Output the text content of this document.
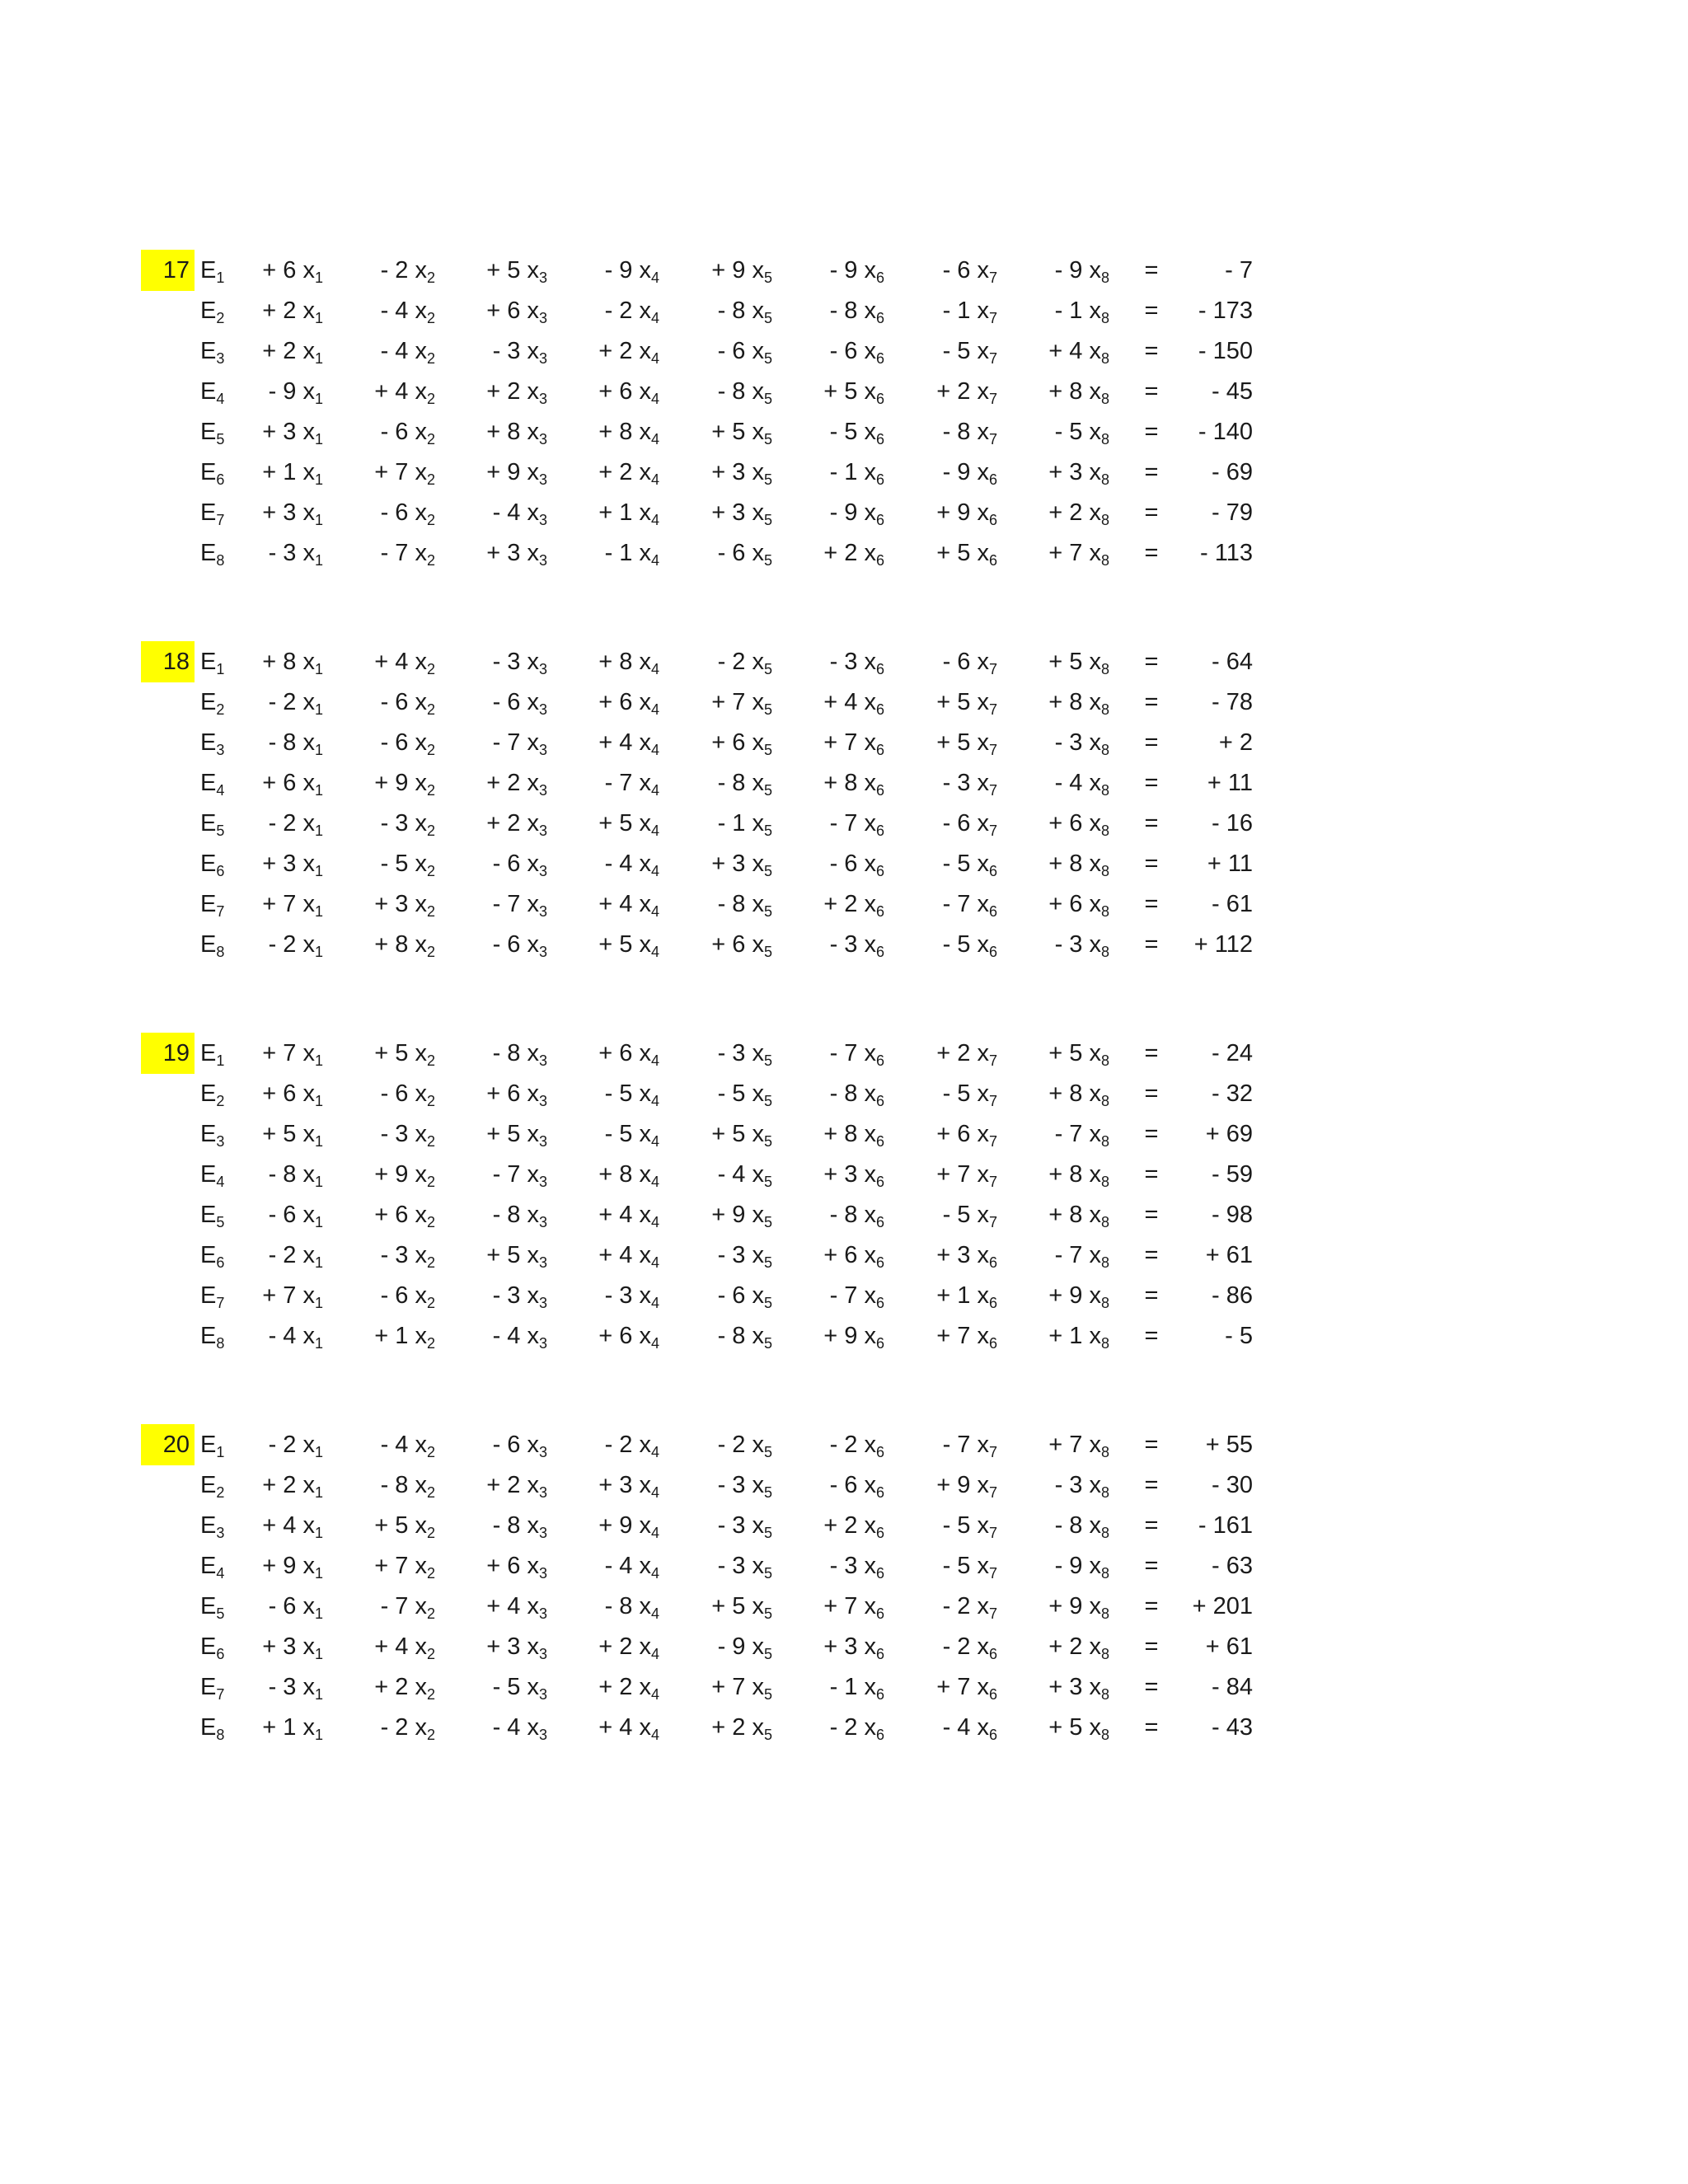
17 $E_1$	+ 6 $x_1$	- 2 $x_2$	+ 5 $x_3$	- 9 $x_4$	+ 9 $x_5$	- 9 $x_6$	- 6 $x_7$	- 9 $x_8$ =	- 7
$E_2$	+ 2 $x_1$	- 4 $x_2$	+ 6 $x_3$	- 2 $x_4$	- 8 $x_5$	- 8 $x_6$	- 1 $x_7$	- 1 $x_8$ =	- 173
$E_3$	+ 2 $x_1$	- 4 $x_2$	- 3 $x_3$	+ 2 $x_4$	- 6 $x_5$	- 6 $x_6$	- 5 $x_7$	+ 4 $x_8$ =	- 150
$E_4$	- 9 $x_1$	+ 4 $x_2$	+ 2 $x_3$	+ 6 $x_4$	- 8 $x_5$	+ 5 $x_6$	+ 2 $x_7$	+ 8 $x_8$ =	- 45
$E_5$	+ 3 $x_1$	- 6 $x_2$	+ 8 $x_3$	+ 8 $x_4$	+ 5 $x_5$	- 5 $x_6$	- 8 $x_7$	- 5 $x_8$ =	- 140
$E_6$	+ 1 $x_1$	+ 7 $x_2$	+ 9 $x_3$	+ 2 $x_4$	+ 3 $x_5$	- 1 $x_6$	- 9 $x_6$	+ 3 $x_8$ =	- 69
$E_7$	+ 3 $x_1$	- 6 $x_2$	- 4 $x_3$	+ 1 $x_4$	+ 3 $x_5$	- 9 $x_6$	+ 9 $x_6$	+ 2 $x_8$ =	- 79
$E_8$	- 3 $x_1$	- 7 $x_2$	+ 3 $x_3$	- 1 $x_4$	- 6 $x_5$	+ 2 $x_6$	+ 5 $x_6$	+ 7 $x_8$ =	- 113
18 $E_1$	+ 8 $x_1$	+ 4 $x_2$	- 3 $x_3$	+ 8 $x_4$	- 2 $x_5$	- 3 $x_6$	- 6 $x_7$	+ 5 $x_8$ =	- 64
$E_2$	- 2 $x_1$	- 6 $x_2$	- 6 $x_3$	+ 6 $x_4$	+ 7 $x_5$	+ 4 $x_6$	+ 5 $x_7$	+ 8 $x_8$ =	- 78
$E_3$	- 8 $x_1$	- 6 $x_2$	- 7 $x_3$	+ 4 $x_4$	+ 6 $x_5$	+ 7 $x_6$	+ 5 $x_7$	- 3 $x_8$ =	+ 2
$E_4$	+ 6 $x_1$	+ 9 $x_2$	+ 2 $x_3$	- 7 $x_4$	- 8 $x_5$	+ 8 $x_6$	- 3 $x_7$	- 4 $x_8$ =	+ 11
$E_5$	- 2 $x_1$	- 3 $x_2$	+ 2 $x_3$	+ 5 $x_4$	- 1 $x_5$	- 7 $x_6$	- 6 $x_7$	+ 6 $x_8$ =	- 16
$E_6$	+ 3 $x_1$	- 5 $x_2$	- 6 $x_3$	- 4 $x_4$	+ 3 $x_5$	- 6 $x_6$	- 5 $x_6$	+ 8 $x_8$ =	+ 11
$E_7$	+ 7 $x_1$	+ 3 $x_2$	- 7 $x_3$	+ 4 $x_4$	- 8 $x_5$	+ 2 $x_6$	- 7 $x_6$	+ 6 $x_8$ =	- 61
$E_8$	- 2 $x_1$	+ 8 $x_2$	- 6 $x_3$	+ 5 $x_4$	+ 6 $x_5$	- 3 $x_6$	- 5 $x_6$	- 3 $x_8$ =	+ 112
19 $E_1$	+ 7 $x_1$	+ 5 $x_2$	- 8 $x_3$	+ 6 $x_4$	- 3 $x_5$	- 7 $x_6$	+ 2 $x_7$	+ 5 $x_8$ =	- 24
$E_2$	+ 6 $x_1$	- 6 $x_2$	+ 6 $x_3$	- 5 $x_4$	- 5 $x_5$	- 8 $x_6$	- 5 $x_7$	+ 8 $x_8$ =	- 32
$E_3$	+ 5 $x_1$	- 3 $x_2$	+ 5 $x_3$	- 5 $x_4$	+ 5 $x_5$	+ 8 $x_6$	+ 6 $x_7$	- 7 $x_8$ =	+ 69
$E_4$	- 8 $x_1$	+ 9 $x_2$	- 7 $x_3$	+ 8 $x_4$	- 4 $x_5$	+ 3 $x_6$	+ 7 $x_7$	+ 8 $x_8$ =	- 59
$E_5$	- 6 $x_1$	+ 6 $x_2$	- 8 $x_3$	+ 4 $x_4$	+ 9 $x_5$	- 8 $x_6$	- 5 $x_7$	+ 8 $x_8$ =	- 98
$E_6$	- 2 $x_1$	- 3 $x_2$	+ 5 $x_3$	+ 4 $x_4$	- 3 $x_5$	+ 6 $x_6$	+ 3 $x_6$	- 7 $x_8$ =	+ 61
$E_7$	+ 7 $x_1$	- 6 $x_2$	- 3 $x_3$	- 3 $x_4$	- 6 $x_5$	- 7 $x_6$	+ 1 $x_6$	+ 9 $x_8$ =	- 86
$E_8$	- 4 $x_1$	+ 1 $x_2$	- 4 $x_3$	+ 6 $x_4$	- 8 $x_5$	+ 9 $x_6$	+ 7 $x_6$	+ 1 $x_8$ =	- 5
20 $E_1$	- 2 $x_1$	- 4 $x_2$	- 6 $x_3$	- 2 $x_4$	- 2 $x_5$	- 2 $x_6$	- 7 $x_7$	+ 7 $x_8$ =	+ 55
$E_2$	+ 2 $x_1$	- 8 $x_2$	+ 2 $x_3$	+ 3 $x_4$	- 3 $x_5$	- 6 $x_6$	+ 9 $x_7$	- 3 $x_8$ =	- 30
$E_3$	+ 4 $x_1$	+ 5 $x_2$	- 8 $x_3$	+ 9 $x_4$	- 3 $x_5$	+ 2 $x_6$	- 5 $x_7$	- 8 $x_8$ =	- 161
$E_4$	+ 9 $x_1$	+ 7 $x_2$	+ 6 $x_3$	- 4 $x_4$	- 3 $x_5$	- 3 $x_6$	- 5 $x_7$	- 9 $x_8$ =	- 63
$E_5$	- 6 $x_1$	- 7 $x_2$	+ 4 $x_3$	- 8 $x_4$	+ 5 $x_5$	+ 7 $x_6$	- 2 $x_7$	+ 9 $x_8$ =	+ 201
$E_6$	+ 3 $x_1$	+ 4 $x_2$	+ 3 $x_3$	+ 2 $x_4$	- 9 $x_5$	+ 3 $x_6$	- 2 $x_6$	+ 2 $x_8$ =	+ 61
$E_7$	- 3 $x_1$	+ 2 $x_2$	- 5 $x_3$	+ 2 $x_4$	+ 7 $x_5$	- 1 $x_6$	+ 7 $x_6$	+ 3 $x_8$ =	- 84
$E_8$	+ 1 $x_1$	- 2 $x_2$	- 4 $x_3$	+ 4 $x_4$	+ 2 $x_5$	- 2 $x_6$	- 4 $x_6$	+ 5 $x_8$ =	- 43
